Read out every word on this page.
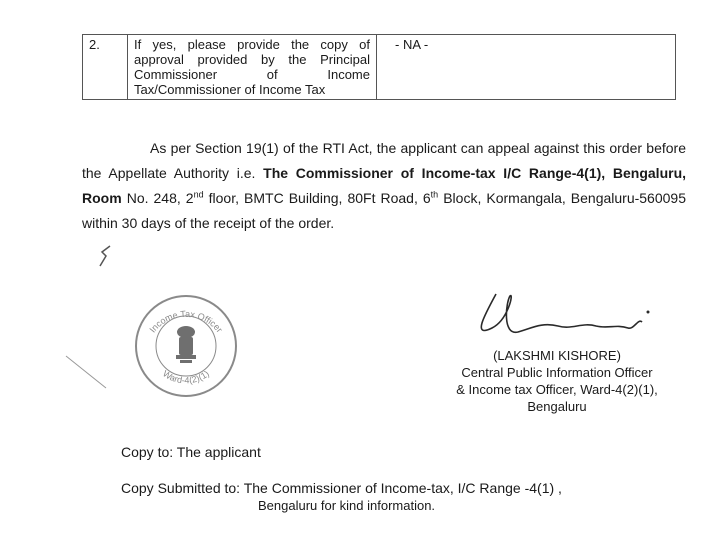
2.	If yes, please provide the copy of approval provided by the Principal Commissioner of Income Tax/Commissioner of Income Tax	- NA -
As per Section 19(1) of the RTI Act, the applicant can appeal against this order before the Appellate Authority i.e. The Commissioner of Income-tax I/C Range-4(1), Bengaluru, Room No. 248, 2nd floor, BMTC Building, 80Ft Road, 6th Block, Kormangala, Bengaluru-560095 within 30 days of the receipt of the order.
Income Tax Officer
Ward-4(2)(1)
(LAKSHMI KISHORE)
Central Public Information Officer
& Income tax Officer, Ward-4(2)(1),
Bengaluru
Copy to: The applicant
Copy Submitted to: The Commissioner of Income-tax, I/C Range -4(1) ,
Bengaluru for kind information.
